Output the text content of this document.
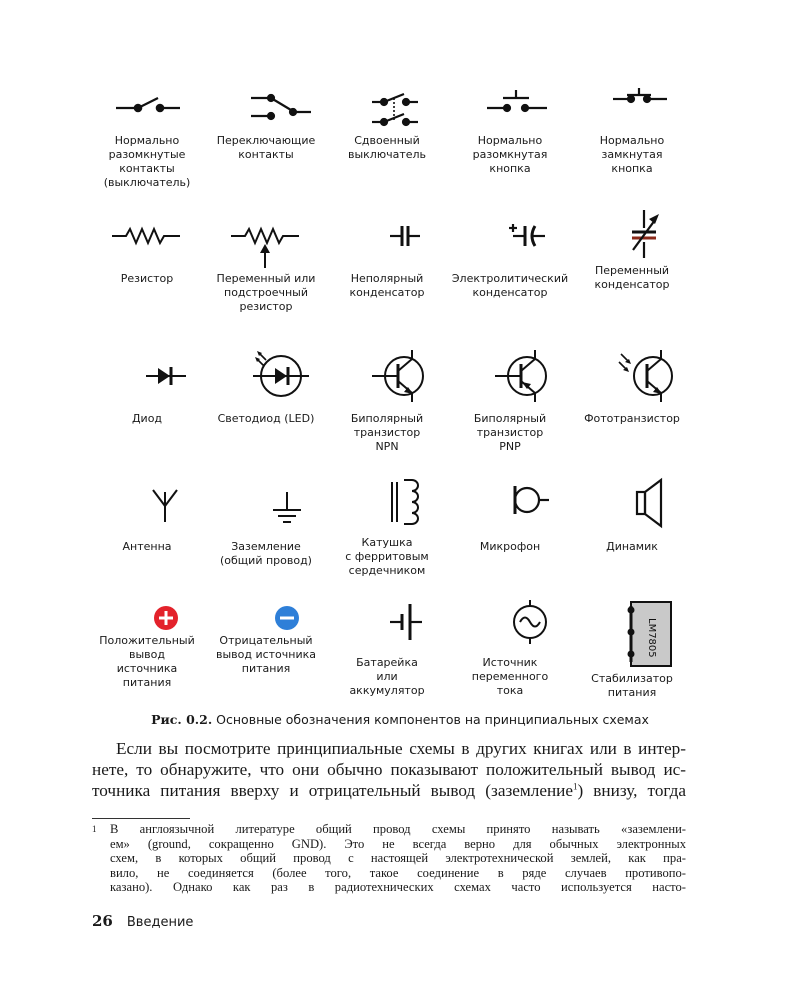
Нормально
разомкнутые
контакты
(выключатель)
Переключающие
контакты
Сдвоенный
выключатель
Нормально
разомкнутая
кнопка
Нормально
замкнутая
кнопка
Резистор	Переменный или
подстроечный
резистор
Неполярный
конденсатор
Электролитический
конденсатор
Переменный
конденсатор
Диод	Светодиод (LED)	Биполярный
транзистор
NPN
Биполярный
транзистор
PNP
Фототранзистор
Антенна	Заземление
(общий провод)
Катушка
с ферритовым
сердечником
Микрофон	Динамик
Положительный
вывод
источника
питания
Отрицательный
вывод источника
питания	Батарейка
или
аккумулятор
Источник
переменного
тока
LM7805
Стабилизатор
питания
Рис. 0.2. Основные обозначения компонентов на принципиальных схемах
Если вы посмотрите принципиальные схемы в других книгах или в интер-
нете, то обнаружите, что они обычно показывают положительный вывод ис-
точника питания вверху и отрицательный вывод (заземление$^1$) внизу, тогда
1 В англоязычной литературе общий провод схемы принято называть «заземлени-
ем» (ground, сокращенно GND). Это не всегда верно для обычных электронных
схем, в которых общий провод с настоящей электротехнической землей, как пра-
вило, не соединяется (более того, такое соединение в ряде случаев противопо-
казано). Однако как раз в радиотехнических схемах часто используется насто-
26 Введение
